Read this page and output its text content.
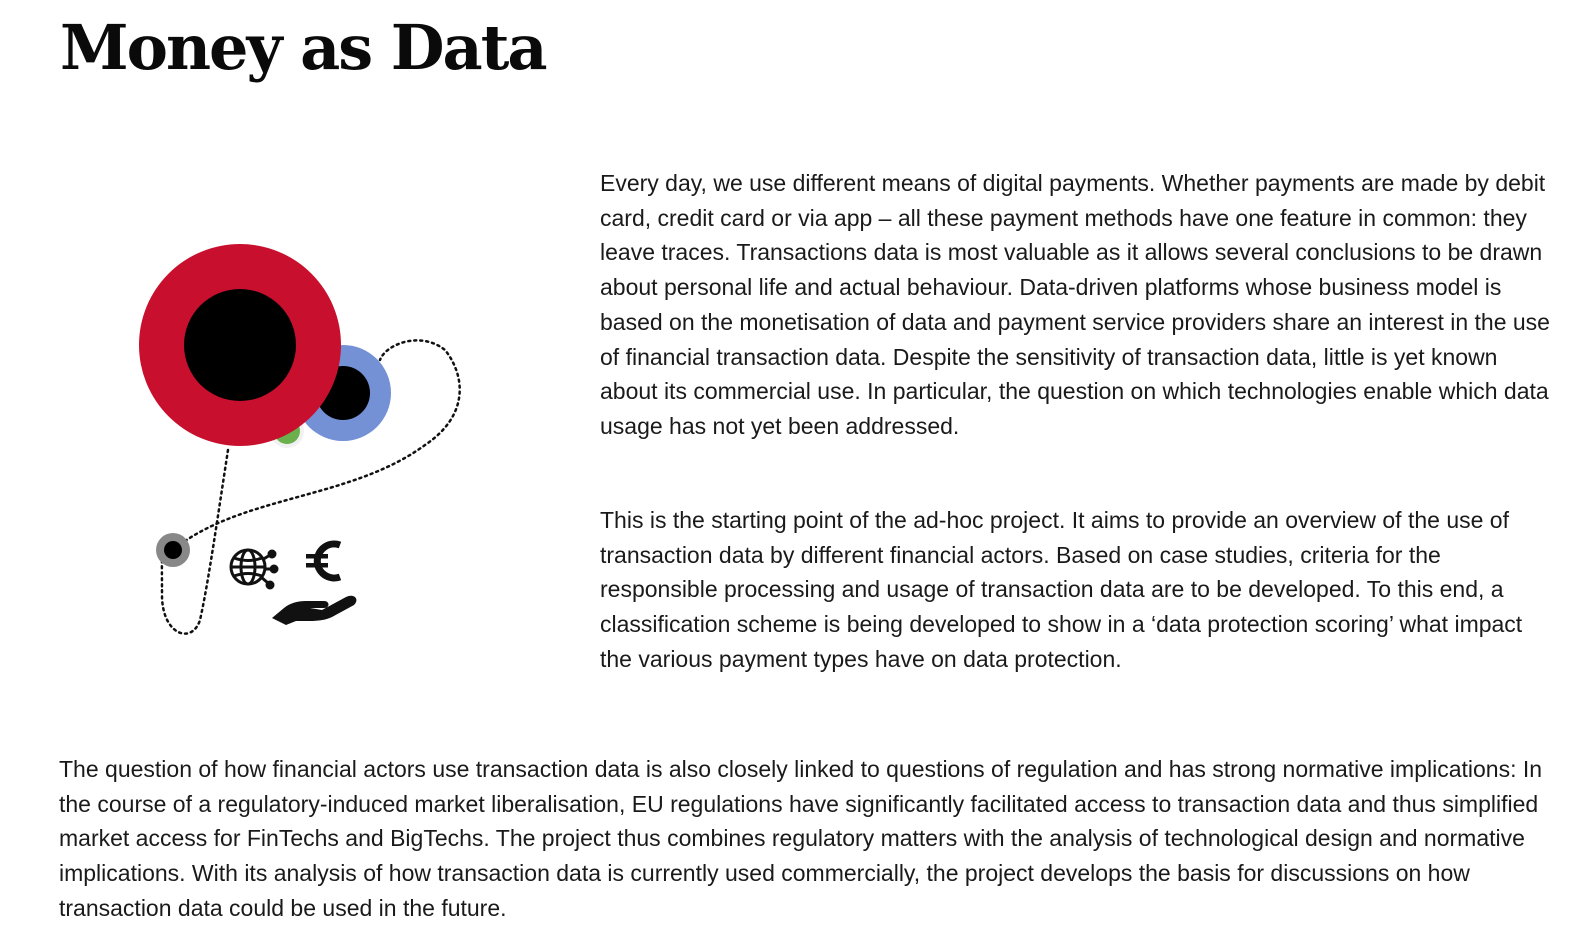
Money as Data

Every day, we use different means of digital payments. Whether payments are made by debit card, credit card or via app – all these payment methods have one feature in common: they leave traces. Transactions data is most valuable as it allows several conclusions to be drawn about personal life and actual behaviour. Data-driven platforms whose business model is based on the monetisation of data and payment service providers share an interest in the use of financial transaction data. Despite the sensitivity of transaction data, little is yet known about its commercial use. In particular, the question on which technologies enable which data usage has not yet been addressed.

This is the starting point of the ad-hoc project. It aims to provide an overview of the use of transaction data by different financial actors. Based on case studies, criteria for the responsible processing and usage of transaction data are to be developed. To this end, a classification scheme is being developed to show in a ‘data protection scoring’ what impact the various payment types have on data protection.

The question of how financial actors use transaction data is also closely linked to questions of regulation and has strong normative implications: In the course of a regulatory-induced market liberalisation, EU regulations have significantly facilitated access to transaction data and thus simplified market access for FinTechs and BigTechs. The project thus combines regulatory matters with the analysis of technological design and normative implications. With its analysis of how transaction data is currently used commercially, the project develops the basis for discussions on how transaction data could be used in the future.
